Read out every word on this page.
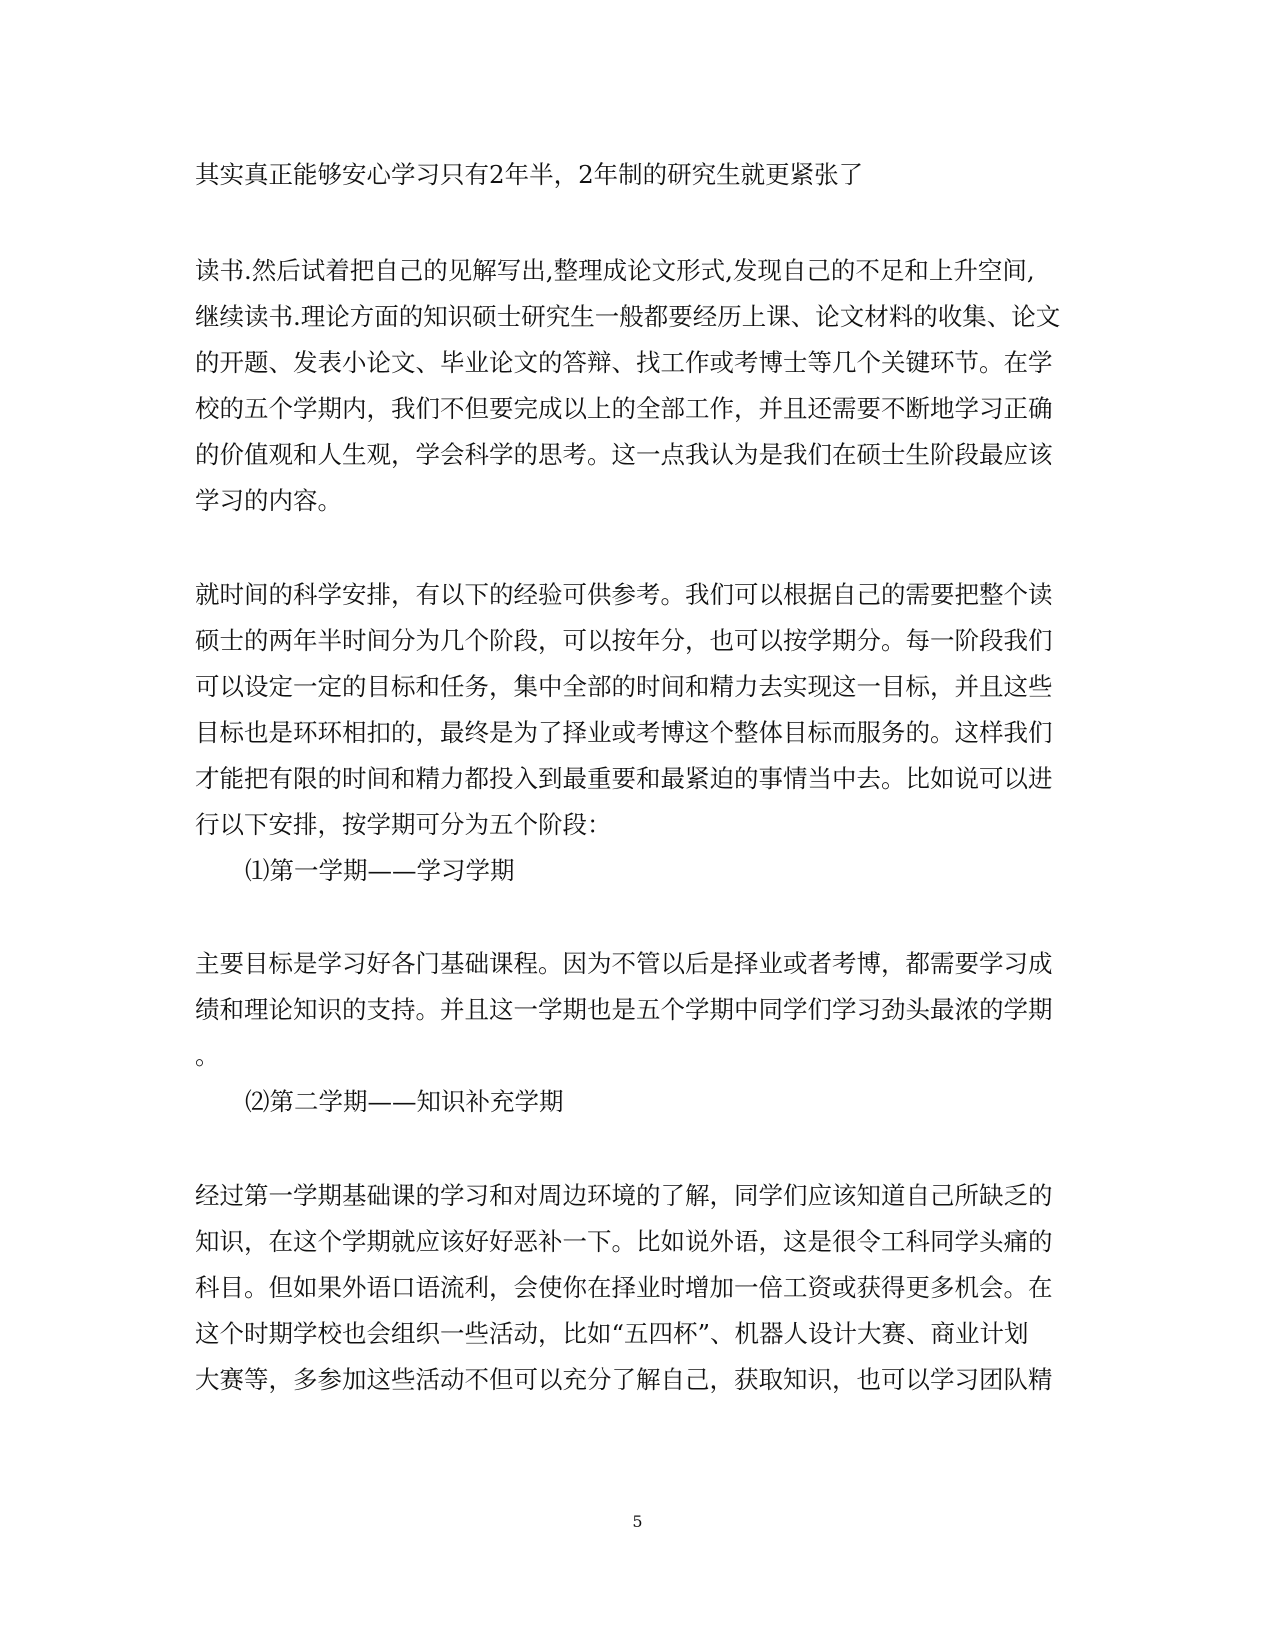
其实真正能够安心学习只有2年半，2年制的研究生就更紧张了

读书.然后试着把自己的见解写出,整理成论文形式,发现自己的不足和上升空间,

继续读书.理论方面的知识硕士研究生一般都要经历上课、论文材料的收集、论文

的开题、发表小论文、毕业论文的答辩、找工作或考博士等几个关键环节。在学

校的五个学期内，我们不但要完成以上的全部工作，并且还需要不断地学习正确

的价值观和人生观，学会科学的思考。这一点我认为是我们在硕士生阶段最应该

学习的内容。

就时间的科学安排，有以下的经验可供参考。我们可以根据自己的需要把整个读

硕士的两年半时间分为几个阶段，可以按年分，也可以按学期分。每一阶段我们

可以设定一定的目标和任务，集中全部的时间和精力去实现这一目标，并且这些

目标也是环环相扣的，最终是为了择业或考博这个整体目标而服务的。这样我们

才能把有限的时间和精力都投入到最重要和最紧迫的事情当中去。比如说可以进

行以下安排，按学期可分为五个阶段：

⑴第一学期——学习学期

主要目标是学习好各门基础课程。因为不管以后是择业或者考博，都需要学习成

绩和理论知识的支持。并且这一学期也是五个学期中同学们学习劲头最浓的学期

。

⑵第二学期——知识补充学期

经过第一学期基础课的学习和对周边环境的了解，同学们应该知道自己所缺乏的

知识，在这个学期就应该好好恶补一下。比如说外语，这是很令工科同学头痛的

科目。但如果外语口语流利，会使你在择业时增加一倍工资或获得更多机会。在

这个时期学校也会组织一些活动，比如“五四杯”、机器人设计大赛、商业计划

大赛等，多参加这些活动不但可以充分了解自己，获取知识，也可以学习团队精

5
